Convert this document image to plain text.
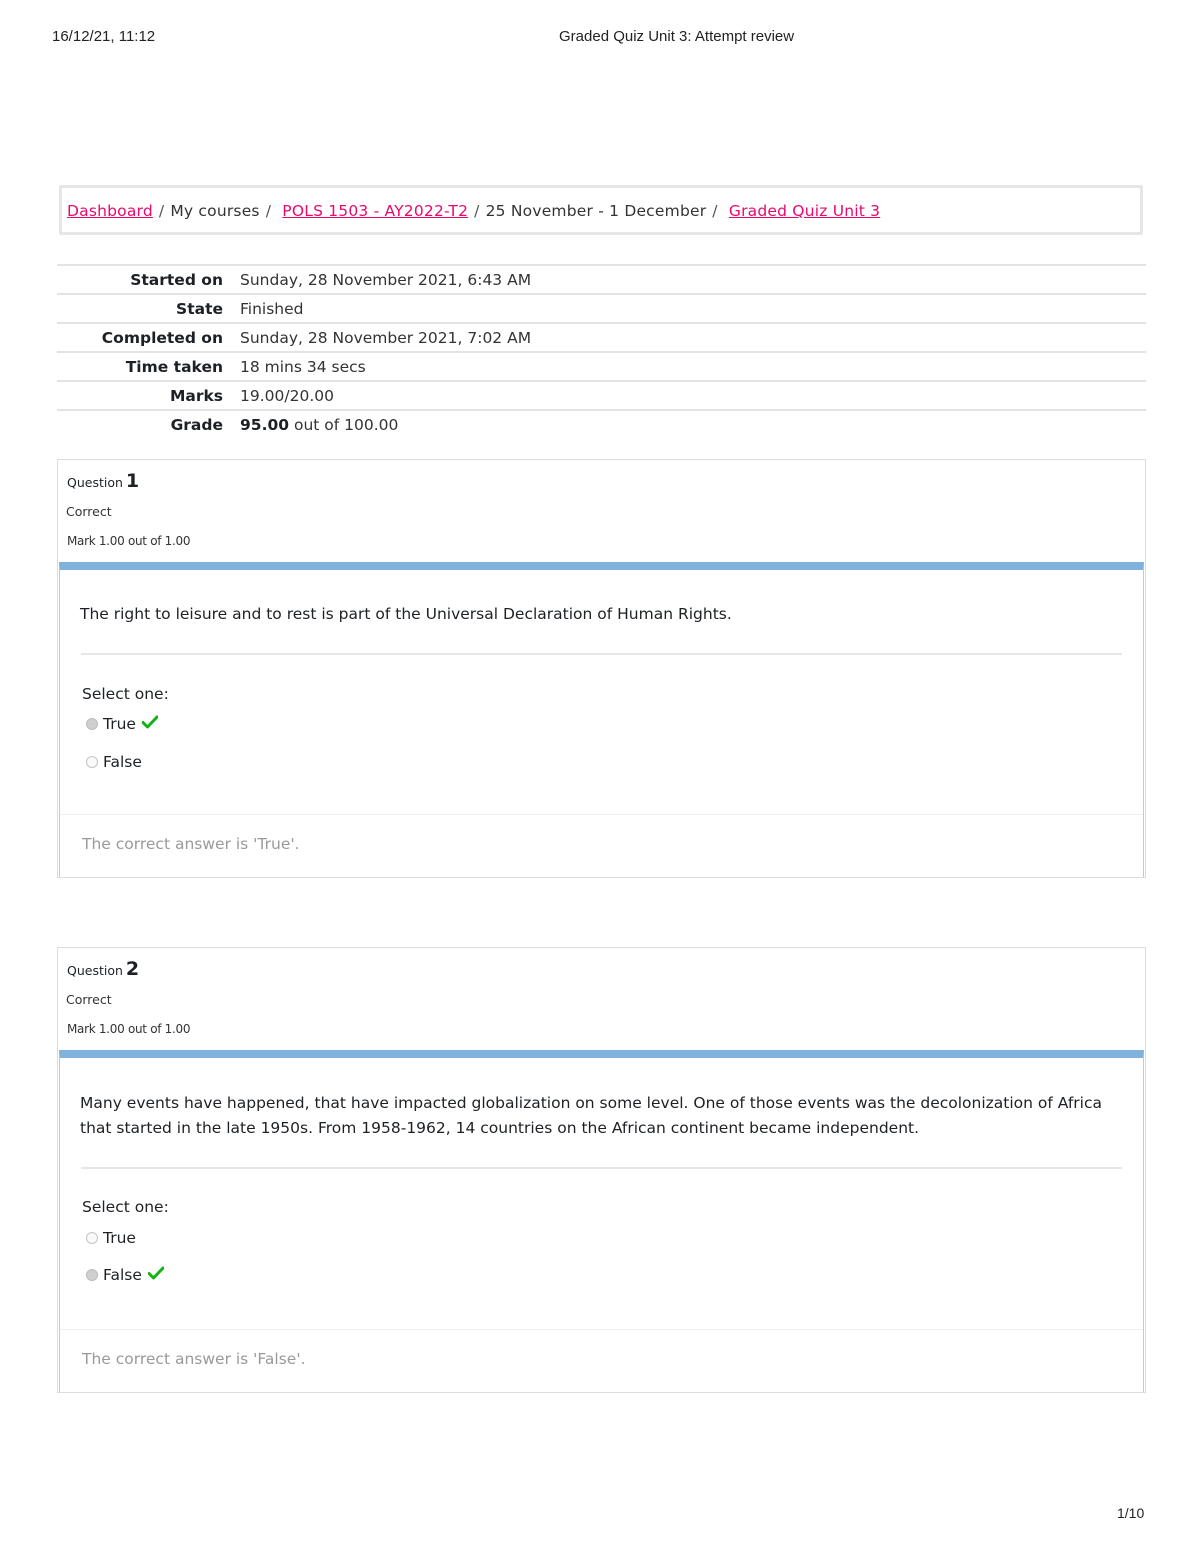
16/12/21, 11:12	Graded Quiz Unit 3: Attempt review
Dashboard / My courses / POLS 1503 - AY2022-T2 / 25 November - 1 December / Graded Quiz Unit 3
Started on	Sunday, 28 November 2021, 6:43 AM
State	Finished
Completed on	Sunday, 28 November 2021, 7:02 AM
Time taken	18 mins 34 secs
Marks	19.00/20.00
Grade	95.00 out of 100.00
Question 1
Correct
Mark 1.00 out of 1.00
The right to leisure and to rest is part of the Universal Declaration of Human Rights.
Select one:
True
False
The correct answer is 'True'.
Question 2
Correct
Mark 1.00 out of 1.00
Many events have happened, that have impacted globalization on some level. One of those events was the decolonization of Africa that started in the late 1950s. From 1958-1962, 14 countries on the African continent became independent.
Select one:
True
False
The correct answer is 'False'.
1/10
